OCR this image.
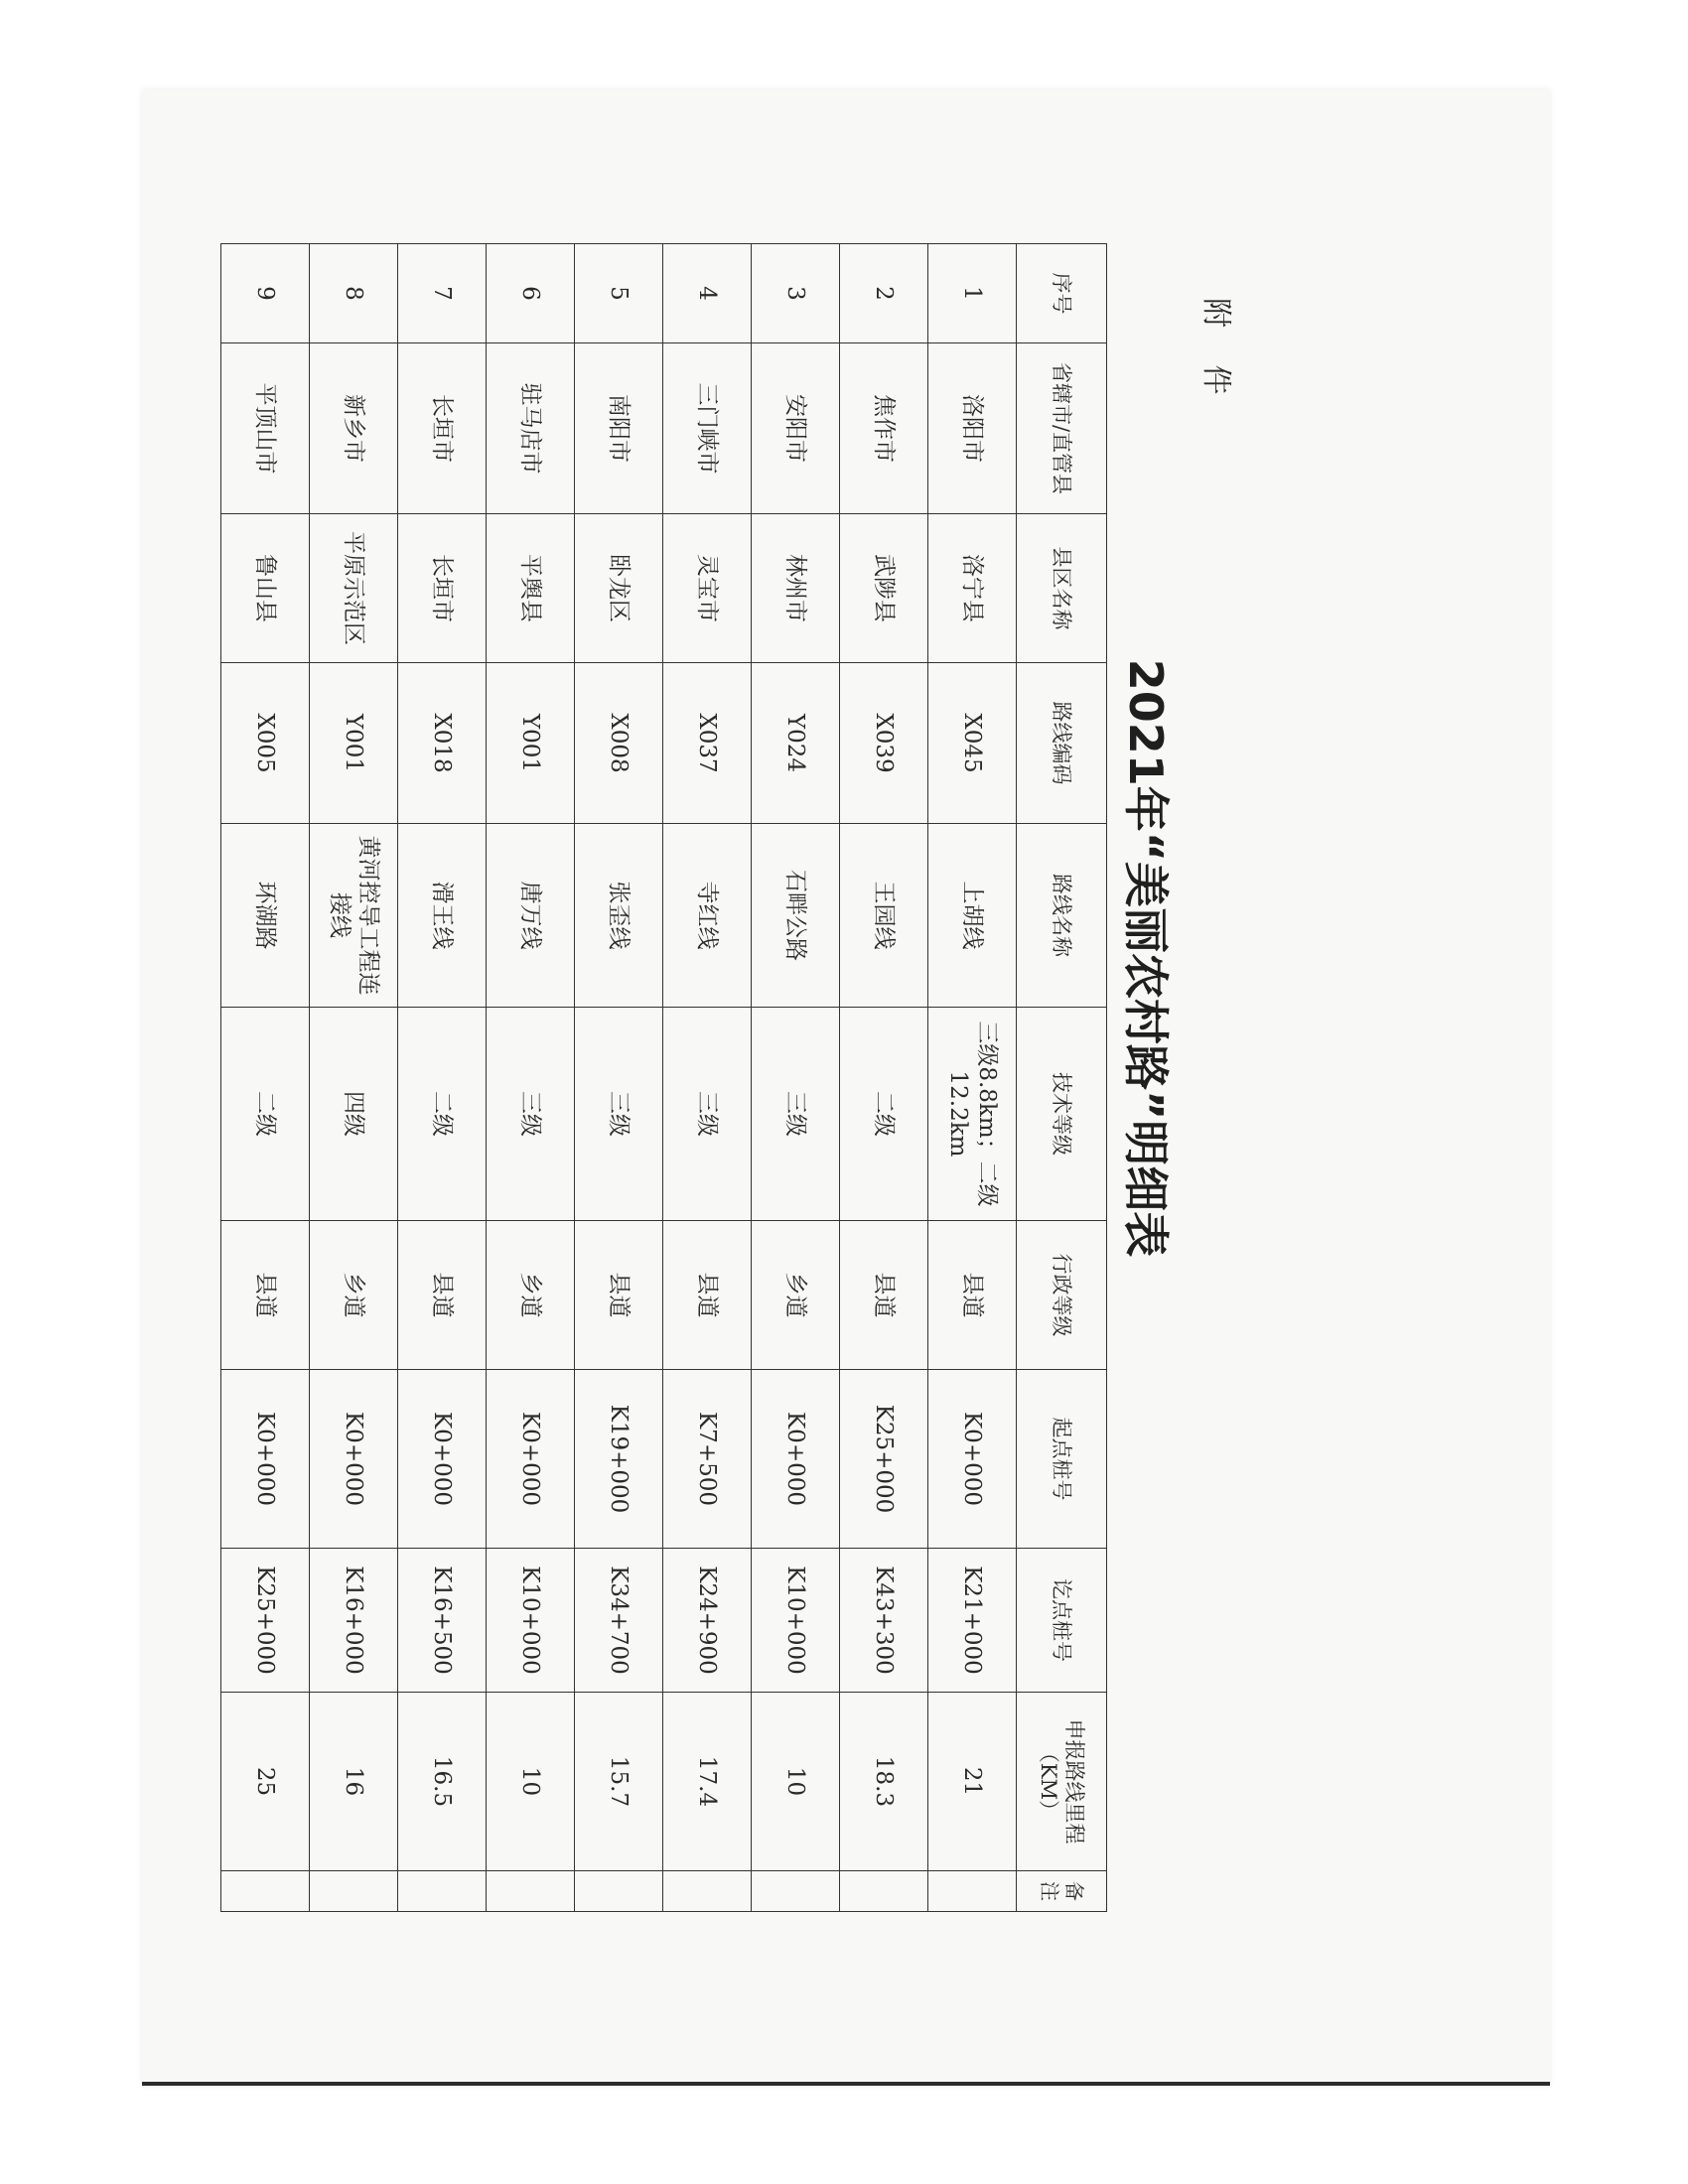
附 件
2021年“美丽农村路”明细表
序号	省辖市/直管县	县区名称	路线编码	路线名称	技术等级	行政等级	起点桩号	讫点桩号	申报路线里程（KM）	备注
1	洛阳市	洛宁县	X045	上胡线	三级8.8km；二级12.2km	县道	K0+000	K21+000	21	
2	焦作市	武陟县	X039	王园线	二级	县道	K25+000	K43+300	18.3	
3	安阳市	林州市	Y024	石畔公路	三级	乡道	K0+000	K10+000	10	
4	三门峡市	灵宝市	X037	寺红线	三级	县道	K7+500	K24+900	17.4	
5	南阳市	卧龙区	X008	张歪线	三级	县道	K19+000	K34+700	15.7	
6	驻马店市	平舆县	Y001	唐万线	三级	乡道	K0+000	K10+000	10	
7	长垣市	长垣市	X018	滑王线	二级	县道	K0+000	K16+500	16.5	
8	新乡市	平原示范区	Y001	黄河控导工程连接线	四级	乡道	K0+000	K16+000	16	
9	平顶山市	鲁山县	X005	环湖路	二级	县道	K0+000	K25+000	25	
